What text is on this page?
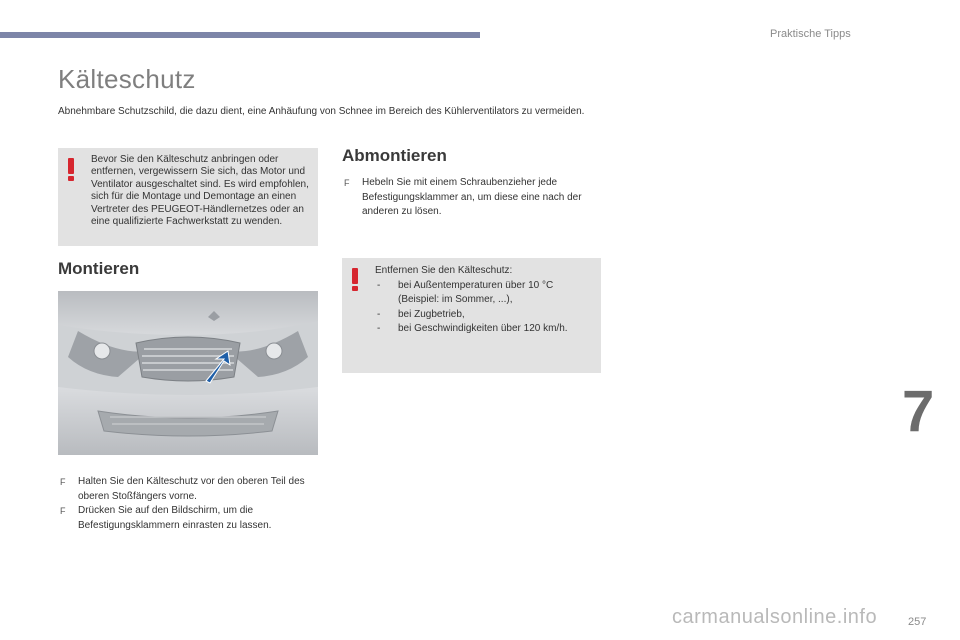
Praktische Tipps
Kälteschutz

Abnehmbare Schutzschild, die dazu dient, eine Anhäufung von Schnee im Bereich des Kühlerventilators zu vermeiden.

Bevor Sie den Kälteschutz anbringen oder entfernen, vergewissern Sie sich, das Motor und Ventilator ausgeschaltet sind. Es wird empfohlen, sich für die Montage und Demontage an einen Vertreter des PEUGEOT-Händlernetzes oder an eine qualifizierte Fachwerkstatt zu wenden.
Montieren
F Halten Sie den Kälteschutz vor den oberen Teil des oberen Stoßfängers vorne.
F Drücken Sie auf den Bildschirm, um die Befestigungsklammern einrasten zu lassen.
Abmontieren
F Hebeln Sie mit einem Schraubenzieher jede Befestigungsklammer an, um diese eine nach der anderen zu lösen.
Entfernen Sie den Kälteschutz:
- bei Außentemperaturen über 10 °C (Beispiel: im Sommer, ...),
- bei Zugbetrieb,
- bei Geschwindigkeiten über 120 km/h.
7
carmanualsonline.info	257
